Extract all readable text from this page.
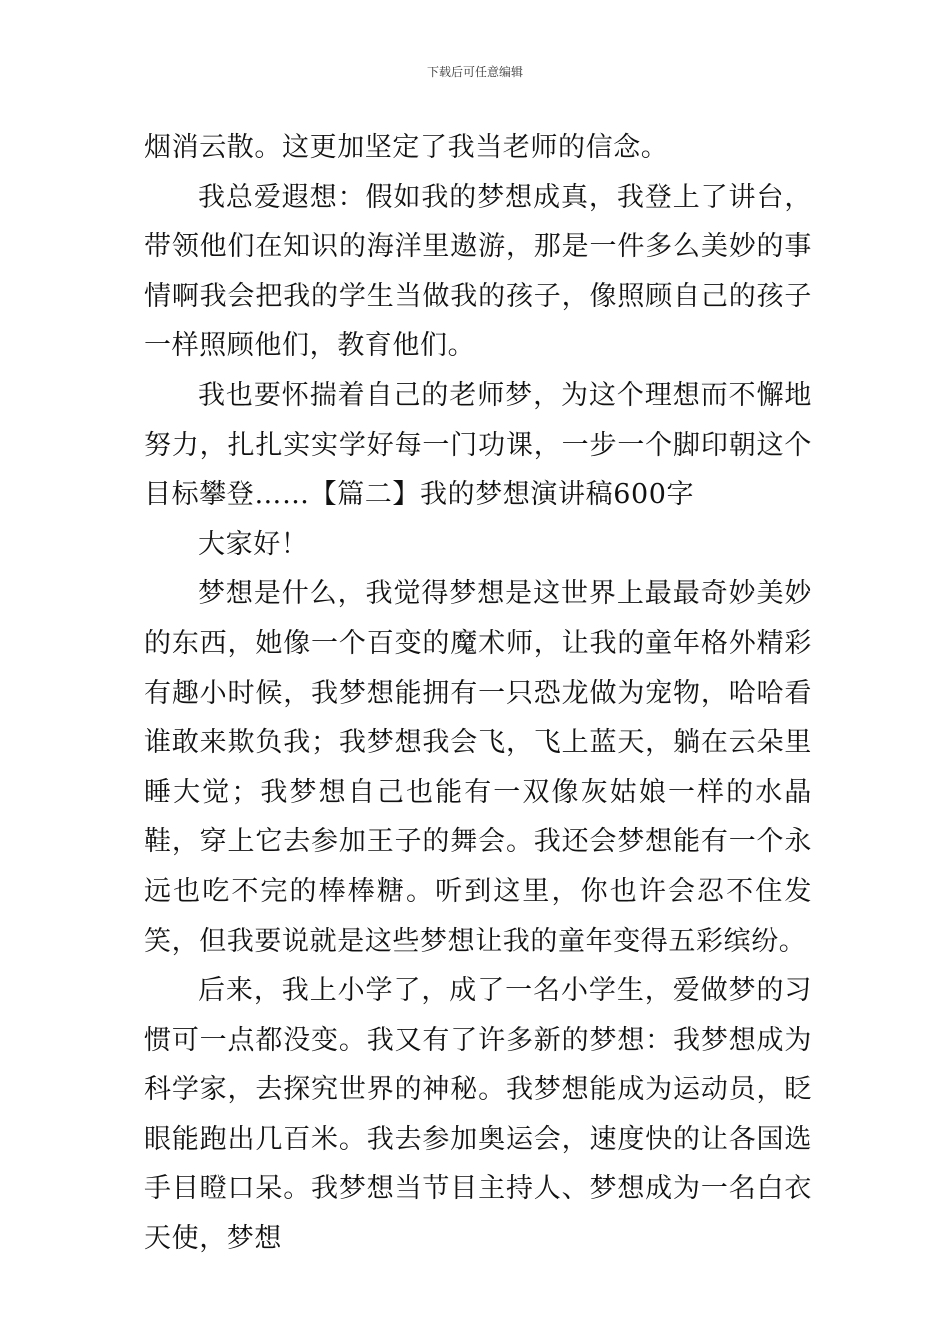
下载后可任意编辑

烟消云散。这更加坚定了我当老师的信念。

我总爱遐想：假如我的梦想成真，我登上了讲台，带领他们在知识的海洋里遨游，那是一件多么美妙的事情啊我会把我的学生当做我的孩子，像照顾自己的孩子一样照顾他们，教育他们。

我也要怀揣着自己的老师梦，为这个理想而不懈地努力，扎扎实实学好每一门功课，一步一个脚印朝这个目标攀登……【篇二】我的梦想演讲稿600字

大家好！

梦想是什么，我觉得梦想是这世界上最最奇妙美妙的东西，她像一个百变的魔术师，让我的童年格外精彩有趣小时候，我梦想能拥有一只恐龙做为宠物，哈哈看谁敢来欺负我；我梦想我会飞，飞上蓝天，躺在云朵里睡大觉；我梦想自己也能有一双像灰姑娘一样的水晶鞋，穿上它去参加王子的舞会。我还会梦想能有一个永远也吃不完的棒棒糖。听到这里，你也许会忍不住发笑，但我要说就是这些梦想让我的童年变得五彩缤纷。

后来，我上小学了，成了一名小学生，爱做梦的习惯可一点都没变。我又有了许多新的梦想：我梦想成为科学家，去探究世界的神秘。我梦想能成为运动员，眨眼能跑出几百米。我去参加奥运会，速度快的让各国选手目瞪口呆。我梦想当节目主持人、梦想成为一名白衣天使，梦想
